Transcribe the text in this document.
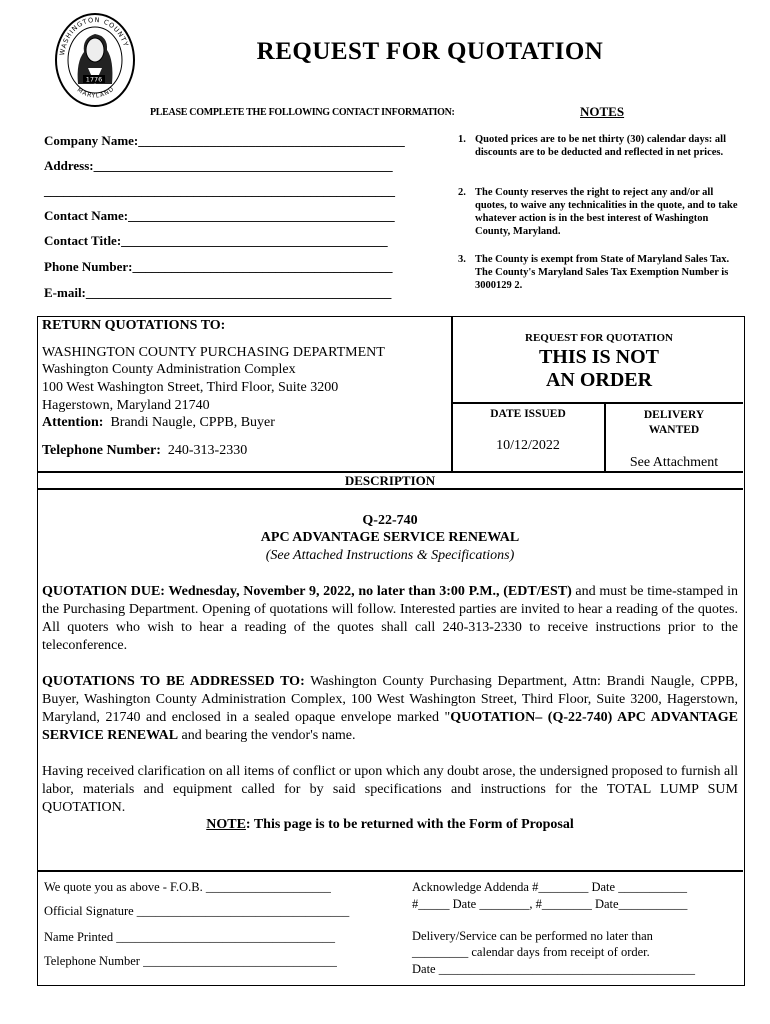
1776
WASHINGTON COUNTY
MARYLAND
REQUEST FOR QUOTATION
PLEASE COMPLETE THE FOLLOWING CONTACT INFORMATION:	NOTES
Company Name:_________________________________________
Address:______________________________________________
______________________________________________________
Contact Name:_________________________________________
Contact Title:_________________________________________
Phone Number:________________________________________
E-mail:_______________________________________________
1. Quoted prices are to be net thirty (30) calendar days: all discounts are to be deducted and reflected in net prices.
2. The County reserves the right to reject any and/or all quotes, to waive any technicalities in the quote, and to take whatever action is in the best interest of Washington County, Maryland.
3. The County is exempt from State of Maryland Sales Tax. The County's Maryland Sales Tax Exemption Number is 3000129 2.
RETURN QUOTATIONS TO:
WASHINGTON COUNTY PURCHASING DEPARTMENT
Washington County Administration Complex
100 West Washington Street, Third Floor, Suite 3200
Hagerstown, Maryland 21740
Attention: Brandi Naugle, CPPB, Buyer
Telephone Number: 240-313-2330
REQUEST FOR QUOTATION
THIS IS NOT
AN ORDER
DATE ISSUED
10/12/2022
DELIVERY
WANTED
See Attachment
DESCRIPTION
Q-22-740
APC ADVANTAGE SERVICE RENEWAL
(See Attached Instructions & Specifications)
QUOTATION DUE: Wednesday, November 9, 2022, no later than 3:00 P.M., (EDT/EST) and must be time-stamped in the Purchasing Department. Opening of quotations will follow. Interested parties are invited to hear a reading of the quotes. All quoters who wish to hear a reading of the quotes shall call 240-313-2330 to receive instructions prior to the teleconference.
QUOTATIONS TO BE ADDRESSED TO: Washington County Purchasing Department, Attn: Brandi Naugle, CPPB, Buyer, Washington County Administration Complex, 100 West Washington Street, Third Floor, Suite 3200, Hagerstown, Maryland, 21740 and enclosed in a sealed opaque envelope marked "QUOTATION– (Q-22-740) APC ADVANTAGE SERVICE RENEWAL and bearing the vendor's name.
Having received clarification on all items of conflict or upon which any doubt arose, the undersigned proposed to furnish all labor, materials and equipment called for by said specifications and instructions for the TOTAL LUMP SUM QUOTATION.
NOTE: This page is to be returned with the Form of Proposal
We quote you as above - F.O.B. ____________________
Official Signature __________________________________
Name Printed ___________________________________
Telephone Number _______________________________
Acknowledge Addenda #________ Date ___________
#_____ Date ________, #________ Date___________
Delivery/Service can be performed no later than
_________ calendar days from receipt of order.
Date _________________________________________
